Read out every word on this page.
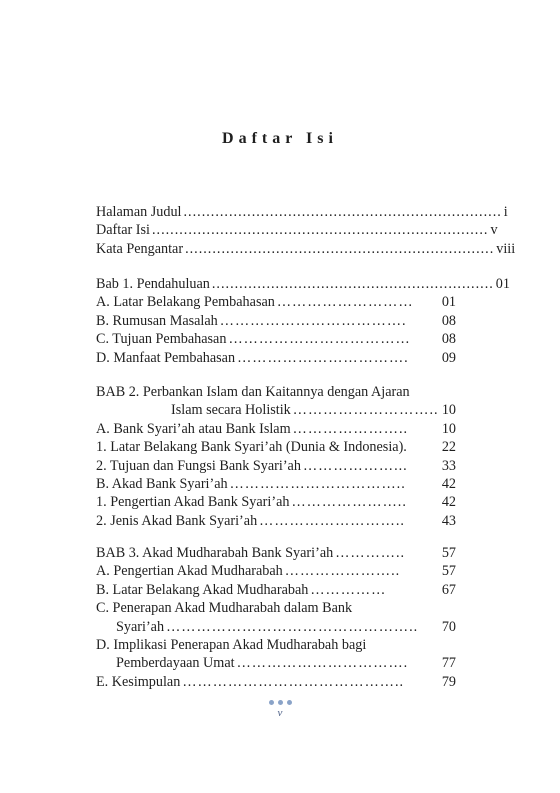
Daftar Isi
Halaman Judul ...................................................................... i
Daftar Isi .......................................................................... v
Kata Pengantar .................................................................... viii
Bab 1. Pendahuluan .............................................................. 01
A. Latar Belakang Pembahasan ………………………	01
B. Rumusan Masalah ……………………………….	08
C. Tujuan Pembahasan ………………………………	08
D. Manfaat Pembahasan …………………………….	09
BAB 2. Perbankan Islam dan Kaitannya dengan Ajaran
Islam secara Holistik ……………………….. 10
A. Bank Syari’ah atau Bank Islam …………………..	10
1. Latar Belakang Bank Syari’ah (Dunia & Indonesia). 22
2. Tujuan dan Fungsi Bank Syari’ah ………………...	33
B. Akad Bank Syari’ah ……………………………..	42
1. Pengertian Akad Bank Syari’ah …………………..	42
2. Jenis Akad Bank Syari’ah ………………………..	43
BAB 3. Akad Mudharabah Bank Syari’ah …………..	57
A. Pengertian Akad Mudharabah …………………..	57
B. Latar Belakang Akad Mudharabah ……………	67
C. Penerapan Akad Mudharabah dalam Bank
Syari’ah …………………………………………..	70
D. Implikasi Penerapan Akad Mudharabah bagi
Pemberdayaan Umat …………………………….	77
E. Kesimpulan ……………………………………..	79
v
